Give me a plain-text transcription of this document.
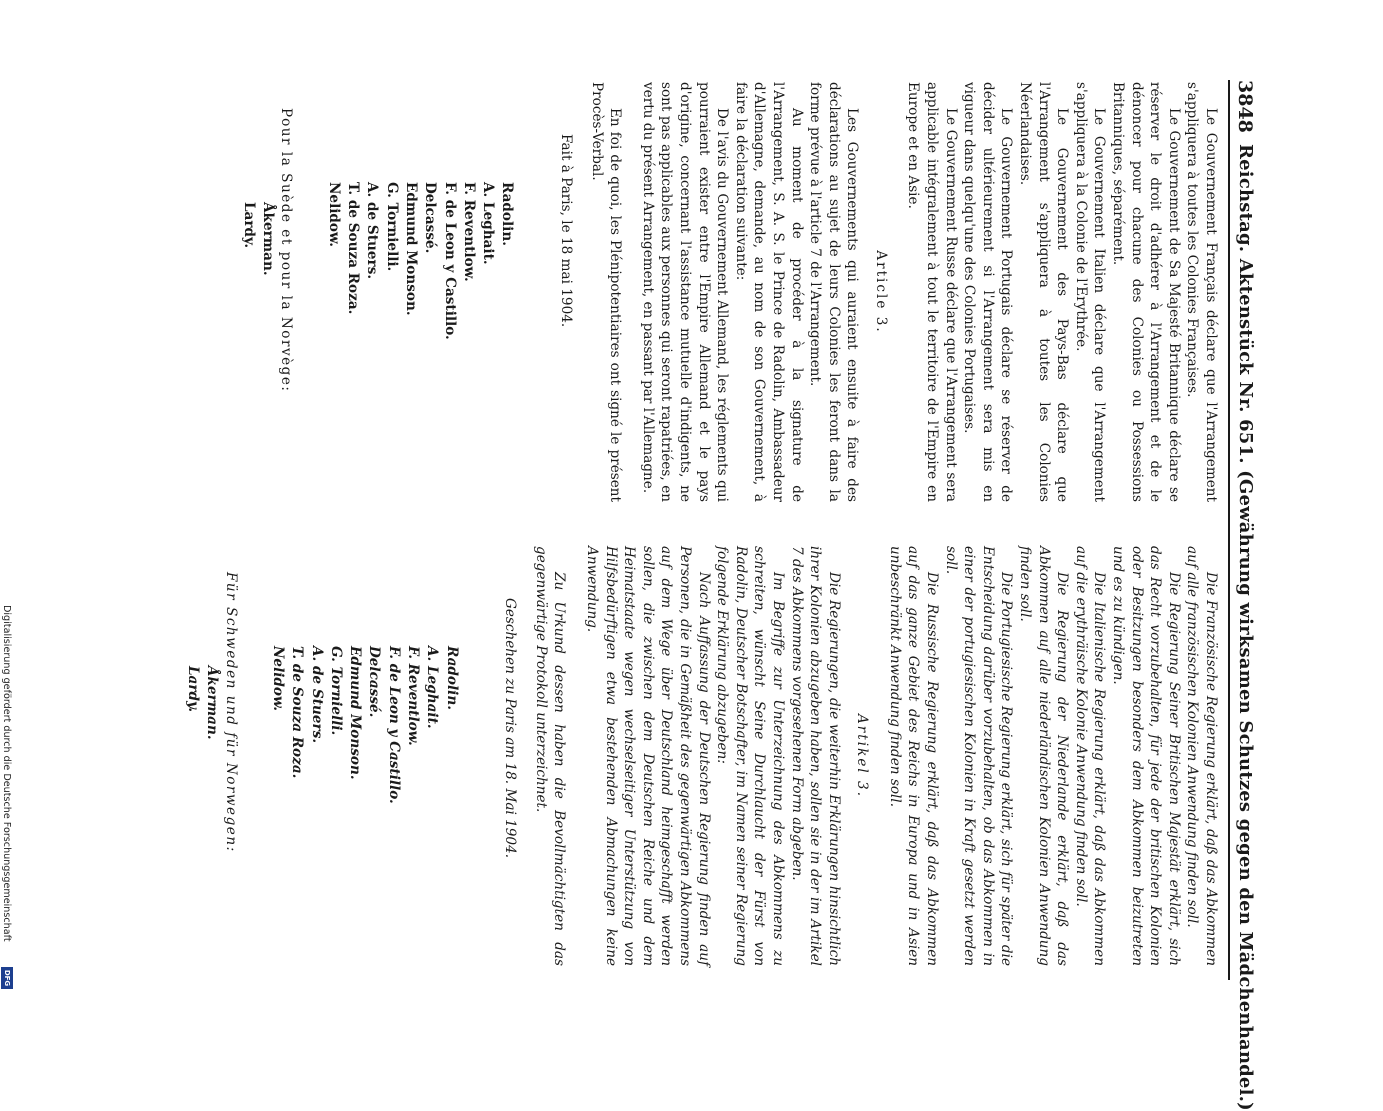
3848
Reichstag. Aktenstück Nr. 651. (Gewährung wirksamen Schutzes gegen den Mädchenhandel.)

Le Gouvernement Français déclare que l'Arrangement s'appliquera à toutes les Colonies Françaises.

Le Gouvernement de Sa Majesté Britannique déclare se réserver le droit d'adhérer à l'Arrangement et de le dénoncer pour chacune des Colonies ou Possessions Britanniques, séparément.

Le Gouvernement Italien déclare que l'Arrangement s'appliquera à la Colonie de l'Erythrée.

Le Gouvernement des Pays-Bas déclare que l'Arrangement s'appliquera à toutes les Colonies Néerlandaises.

Le Gouvernement Portugais déclare se réserver de décider ultérieurement si l'Arrangement sera mis en vigueur dans quelqu'une des Colonies Portugaises.

Le Gouvernement Russe déclare que l'Arrangement sera applicable intégralement à tout le territoire de l'Empire en Europe et en Asie.

Article 3.

Les Gouvernements qui auraient ensuite à faire des déclarations au sujet de leurs Colonies les feront dans la forme prévue à l'article 7 de l'Arrangement.

Au moment de procéder à la signature de l'Arrangement, S. A. S. le Prince de Radolin, Ambassadeur d'Allemagne, demande, au nom de son Gouvernement, à faire la déclaration suivante:

De l'avis du Gouvernement Allemand, les réglements qui pourraient exister entre l'Empire Allemand et le pays d'origine, concernant l'assistance mutuelle d'indigents, ne sont pas applicables aux personnes qui seront rapatriées, en vertu du présent Arrangement, en passant par l'Allemagne.

En foi de quoi, les Plénipotentiaires ont signé le présent Procès-Verbal.

Fait à Paris, le 18 mai 1904.

Radolin.

A. Leghait.

F. Reventlow.

F. de Leon y Castillo.

Delcassé.

Edmund Monson.

G. Tornielli.

A. de Stuers.

T. de Souza Roza.

Nelidow.

Pour la Suède et pour la Norvège:

Åkerman.

Lardy.

Die Französische Regierung erklärt, daß das Abkommen auf alle französischen Kolonien Anwendung finden soll.

Die Regierung Seiner Britischen Majestät erklärt, sich das Recht vorzubehalten, für jede der britischen Kolonien oder Besitzungen besonders dem Abkommen beizutreten und es zu kündigen.

Die Italienische Regierung erklärt, daß das Abkommen auf die erythräische Kolonie Anwendung finden soll.

Die Regierung der Niederlande erklärt, daß das Abkommen auf alle niederländischen Kolonien Anwendung finden soll.

Die Portugiesische Regierung erklärt, sich für später die Entscheidung darüber vorzubehalten, ob das Abkommen in einer der portugiesischen Kolonien in Kraft gesetzt werden soll.

Die Russische Regierung erklärt, daß das Abkommen auf das ganze Gebiet des Reichs in Europa und in Asien unbeschränkt Anwendung finden soll.

Artikel 3.

Die Regierungen, die weiterhin Erklärungen hinsichtlich ihrer Kolonien abzugeben haben, sollen sie in der im Artikel 7 des Abkommens vorgesehenen Form abgeben.

Im Begriffe zur Unterzeichnung des Abkommens zu schreiten, wünscht Seine Durchlaucht der Fürst von Radolin, Deutscher Botschafter, im Namen seiner Regierung folgende Erklärung abzugeben:

Nach Auffassung der Deutschen Regierung finden auf Personen, die in Gemäßheit des gegenwärtigen Abkommens auf dem Wege über Deutschland heimgeschafft werden sollen, die zwischen dem Deutschen Reiche und dem Heimatstaate wegen wechselseitiger Unterstützung von Hilfsbedürftigen etwa bestehenden Abmachungen keine Anwendung.

Zu Urkund dessen haben die Bevollmächtigten das gegenwärtige Protokoll unterzeichnet.

Geschehen zu Paris am 18. Mai 1904.

Radolin.

A. Leghait.

F. Reventlow.

F. de Leon y Castillo.

Delcassé.

Edmund Monson.

G. Tornielli.

A. de Stuers.

T. de Souza Roza.

Nelidow.

Für Schweden und für Norwegen:

Åkerman.

Lardy.

Digitalisierung gefördert durch die Deutsche Forschungsgemeinschaft
DFG
